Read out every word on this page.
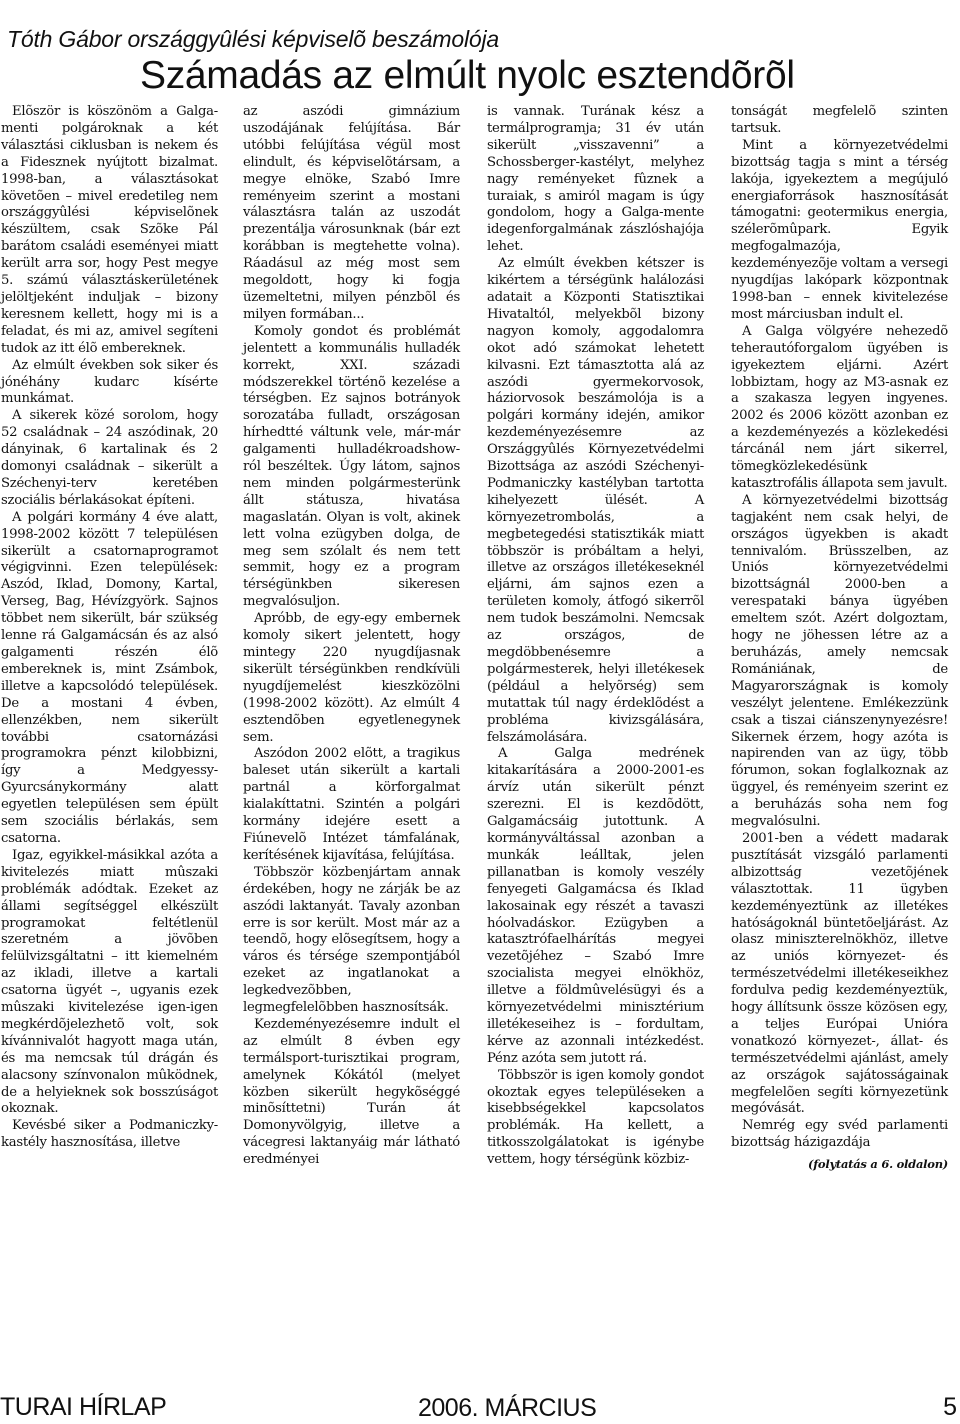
Tóth Gábor országgyûlési képviselõ beszámolója
Számadás az elmúlt nyolc esztendõrõl

Elõször is köszönöm a Galga-menti polgároknak a két választási ciklusban is nekem és a Fidesznek nyújtott bizalmat. 1998-ban, a választásokat követõen – mivel eredetileg nem országgyûlési képviselõnek készültem, csak Szõke Pál barátom családi eseményei miatt került arra sor, hogy Pest megye 5. számú választáskerületének jelöltjeként induljak – bizony keresnem kellett, hogy mi is a feladat, és mi az, amivel segíteni tudok az itt élõ embereknek.

Az elmúlt években sok siker és jónéhány kudarc kísérte munkámat.

A sikerek közé sorolom, hogy 52 családnak – 24 aszódinak, 20 dányinak, 6 kartalinak és 2 domonyi családnak – sikerült a Széchenyi-terv keretében szociális bérlakásokat építeni.

A polgári kormány 4 éve alatt, 1998-2002 között 7 településen sikerült a csatornaprogramot végigvinni. Ezen települések: Aszód, Iklad, Domony, Kartal, Verseg, Bag, Hévízgyörk. Sajnos többet nem sikerült, bár szükség lenne rá Galgamácsán és az alsó galgamenti részén élõ embereknek is, mint Zsámbok, illetve a kapcsolódó települések. De a mostani 4 évben, ellenzékben, nem sikerült további csatornázási programokra pénzt kilobbizni, így a Medgyessy-Gyurcsánykormány alatt egyetlen településen sem épült sem szociális bérlakás, sem csatorna.

Igaz, egyikkel-másikkal azóta a kivitelezés miatt mûszaki problémák adódtak. Ezeket az állami segítséggel elkészült programokat feltétlenül szeretném a jövõben felülvizsgáltatni – itt kiemelném az ikladi, illetve a kartali csatorna ügyét –, ugyanis ezek mûszaki kivitelezése igen-igen megkérdõjelezhetõ volt, sok kívánnivalót hagyott maga után, és ma nemcsak túl drágán és alacsony színvonalon mûködnek, de a helyieknek sok bosszúságot okoznak.

Kevésbé siker a Podmaniczky-kastély hasznosítása, illetve

az aszódi gimnázium uszodájának felújítása. Bár utóbbi felújítása végül most elindult, és képviselõtársam, a megye elnöke, Szabó Imre reményeim szerint a mostani választásra talán az uszodát prezentálja városunknak (bár ezt korábban is megtehette volna). Ráadásul az még most sem megoldott, hogy ki fogja üzemeltetni, milyen pénzbõl és milyen formában...

Komoly gondot és problémát jelentett a kommunális hulladék korrekt, XXI. századi módszerekkel történõ kezelése a térségben. Ez sajnos botrányok sorozatába fulladt, országosan hírhedtté váltunk vele, már-már galgamenti hulladékroadshow-ról beszéltek. Úgy látom, sajnos nem minden polgármesterünk állt státusza, hivatása magaslatán. Olyan is volt, akinek lett volna ezügyben dolga, de meg sem szólalt és nem tett semmit, hogy ez a program térségünkben sikeresen megvalósuljon.

Apróbb, de egy-egy embernek komoly sikert jelentett, hogy mintegy 220 nyugdíjasnak sikerült térségünkben rendkívüli nyugdíjemelést kieszközölni (1998-2002 között). Az elmúlt 4 esztendõben egyetlenegynek sem.

Aszódon 2002 elõtt, a tragikus baleset után sikerült a kartali partnál a körforgalmat kialakíttatni. Szintén a polgári kormány idejére esett a Fiúnevelõ Intézet támfalának, kerítésének kijavítása, felújítása.

Többször közbenjártam annak érdekében, hogy ne zárják be az aszódi laktanyát. Tavaly azonban erre is sor került. Most már az a teendõ, hogy elõsegítsem, hogy a város és térsége szempontjából ezeket az ingatlanokat a legkedvezõbben, legmegfelelõbben hasznosítsák.

Kezdeményezésemre indult el az elmúlt 8 évben egy termálsport-turisztikai program, amelynek Kókától (melyet közben sikerült hegykõséggé minõsíttetni) Turán át Domonyvölgyig, illetve a vácegresi laktanyáig már látható eredményei

is vannak. Turának kész a termálprogramja; 31 év után sikerült „visszavenni” a Schossberger-kastélyt, melyhez nagy reményeket fûznek a turaiak, s amiról magam is úgy gondolom, hogy a Galga-mente idegenforgalmának zászlóshajója lehet.

Az elmúlt években kétszer is kikértem a térségünk halálozási adatait a Központi Statisztikai Hivataltól, melyekbõl bizony nagyon komoly, aggodalomra okot adó számokat lehetett kilvasni. Ezt támasztotta alá az aszódi gyermekorvosok, háziorvosok beszámolója is a polgári kormány idején, amikor kezdeményezésemre az Országgyûlés Környezetvédelmi Bizottsága az aszódi Széchenyi-Podmaniczky kastélyban tartotta kihelyezett ülését. A környezetrombolás, a megbetegedési statisztikák miatt többször is próbáltam a helyi, illetve az országos illetékeseknél eljárni, ám sajnos ezen a területen komoly, átfogó sikerrõl nem tudok beszámolni. Nemcsak az országos, de megdöbbenésemre a polgármesterek, helyi illetékesek (például a helyõrség) sem mutattak túl nagy érdeklõdést a probléma kivizsgálására, felszámolására.

A Galga medrének kitakarítására a 2000-2001-es árvíz után sikerült pénzt szerezni. El is kezdõdött, Galgamácsáig jutottunk. A kormányváltással azonban a munkák leálltak, jelen pillanatban is komoly veszély fenyegeti Galgamácsa és Iklad lakosainak egy részét a tavaszi hóolvadáskor. Ezügyben a katasztrófaelhárítás megyei vezetõjéhez – Szabó Imre szocialista megyei elnökhöz, illetve a földmûvelésügyi és a környezetvédelmi minisztérium illetékeseihez is – fordultam, kérve az azonnali intézkedést. Pénz azóta sem jutott rá.

Többször is igen komoly gondot okoztak egyes településeken a kisebbségekkel kapcsolatos problémák. Ha kellett, a titkosszolgálatokat is igénybe vettem, hogy térségünk közbiz-

tonságát megfelelõ szinten tartsuk.

Mint a környezetvédelmi bizottság tagja s mint a térség lakója, igyekeztem a megújuló energiaforrások hasznosítását támogatni: geotermikus energia, szélerõmûpark. Egyik megfogalmazója, kezdeményezõje voltam a versegi nyugdíjas lakópark központnak 1998-ban – ennek kivitelezése most márciusban indult el.

A Galga völgyére nehezedõ teherautóforgalom ügyében is igyekeztem eljárni. Azért lobbiztam, hogy az M3-asnak ez a szakasza legyen ingyenes. 2002 és 2006 között azonban ez a kezdeményezés a közlekedési tárcánál nem járt sikerrel, tömegközlekedésünk katasztrofális állapota sem javult.

A környezetvédelmi bizottság tagjaként nem csak helyi, de országos ügyekben is akadt tennivalóm. Brüsszelben, az Uniós környezetvédelmi bizottságnál 2000-ben a verespataki bánya ügyében emeltem szót. Azért dolgoztam, hogy ne jöhessen létre az a beruházás, amely nemcsak Romániának, de Magyarországnak is komoly veszélyt jelentene. Emlékezzünk csak a tiszai ciánszenynyezésre! Sikernek érzem, hogy azóta is napirenden van az ügy, több fórumon, sokan foglalkoznak az üggyel, és reményeim szerint ez a beruházás soha nem fog megvalósulni.

2001-ben a védett madarak pusztítását vizsgáló parlamenti albizottság vezetõjének választottak. 11 ügyben kezdeményeztünk az illetékes hatóságoknál büntetõeljárást. Az olasz miniszterelnökhöz, illetve az uniós környezet- és természetvédelmi illetékeseikhez fordulva pedig kezdeményeztük, hogy állítsunk össze közösen egy, a teljes Európai Unióra vonatkozó környezet-, állat- és természetvédelmi ajánlást, amely az országok sajátosságainak megfelelõen segíti környezetünk megóvását.

Nemrég egy svéd parlamenti bizottság házigazdája

(folytatás a 6. oldalon)
TURAI HÍRLAP	2006. MÁRCIUS	5
